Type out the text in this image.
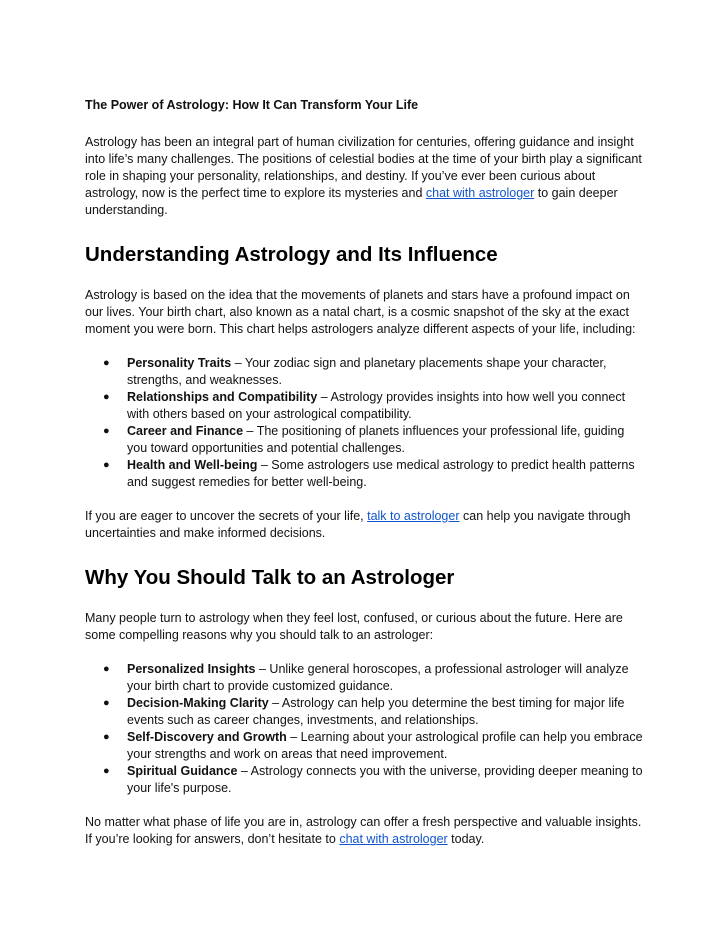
The Power of Astrology: How It Can Transform Your Life

Astrology has been an integral part of human civilization for centuries, offering guidance and insight into life’s many challenges. The positions of celestial bodies at the time of your birth play a significant role in shaping your personality, relationships, and destiny. If you’ve ever been curious about astrology, now is the perfect time to explore its mysteries and chat with astrologer to gain deeper understanding.

Understanding Astrology and Its Influence

Astrology is based on the idea that the movements of planets and stars have a profound impact on our lives. Your birth chart, also known as a natal chart, is a cosmic snapshot of the sky at the exact moment you were born. This chart helps astrologers analyze different aspects of your life, including:

● Personality Traits – Your zodiac sign and planetary placements shape your character, strengths, and weaknesses.
● Relationships and Compatibility – Astrology provides insights into how well you connect with others based on your astrological compatibility.
● Career and Finance – The positioning of planets influences your professional life, guiding you toward opportunities and potential challenges.
● Health and Well-being – Some astrologers use medical astrology to predict health patterns and suggest remedies for better well-being.

If you are eager to uncover the secrets of your life, talk to astrologer can help you navigate through uncertainties and make informed decisions.

Why You Should Talk to an Astrologer

Many people turn to astrology when they feel lost, confused, or curious about the future. Here are some compelling reasons why you should talk to an astrologer:

● Personalized Insights – Unlike general horoscopes, a professional astrologer will analyze your birth chart to provide customized guidance.
● Decision-Making Clarity – Astrology can help you determine the best timing for major life events such as career changes, investments, and relationships.
● Self-Discovery and Growth – Learning about your astrological profile can help you embrace your strengths and work on areas that need improvement.
● Spiritual Guidance – Astrology connects you with the universe, providing deeper meaning to your life's purpose.

No matter what phase of life you are in, astrology can offer a fresh perspective and valuable insights. If you’re looking for answers, don’t hesitate to chat with astrologer today.
